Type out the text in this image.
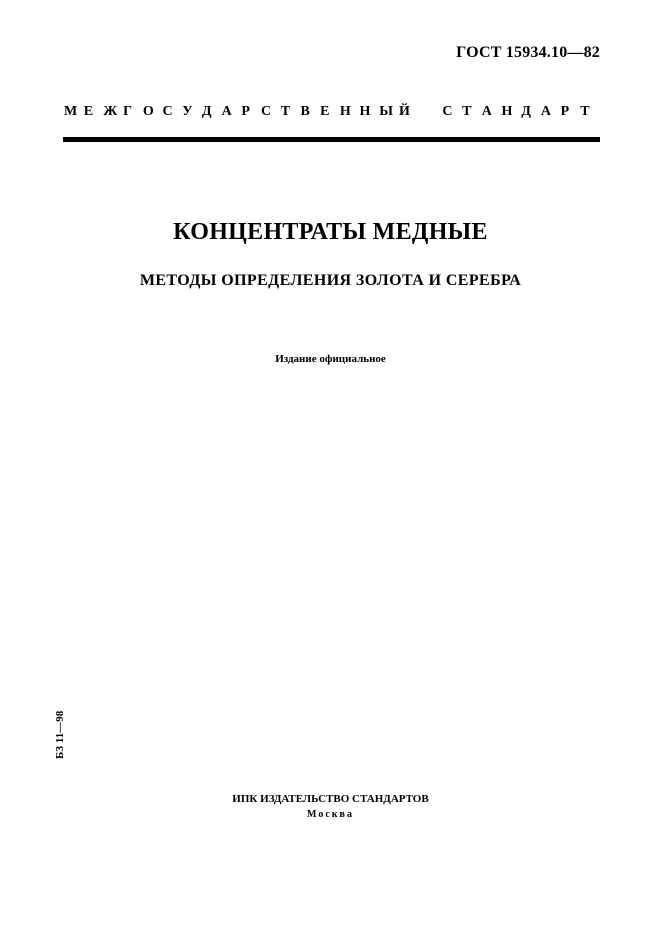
ГОСТ 15934.10—82
М Е Ж Г О С У Д А Р С Т В Е Н Н Ы Й	С Т А Н Д А Р Т
КОНЦЕНТРАТЫ МЕДНЫЕ
МЕТОДЫ ОПРЕДЕЛЕНИЯ ЗОЛОТА И СЕРЕБРА
Издание официальное
БЗ 11—98
ИПК ИЗДАТЕЛЬСТВО СТАНДАРТОВ
Москва
